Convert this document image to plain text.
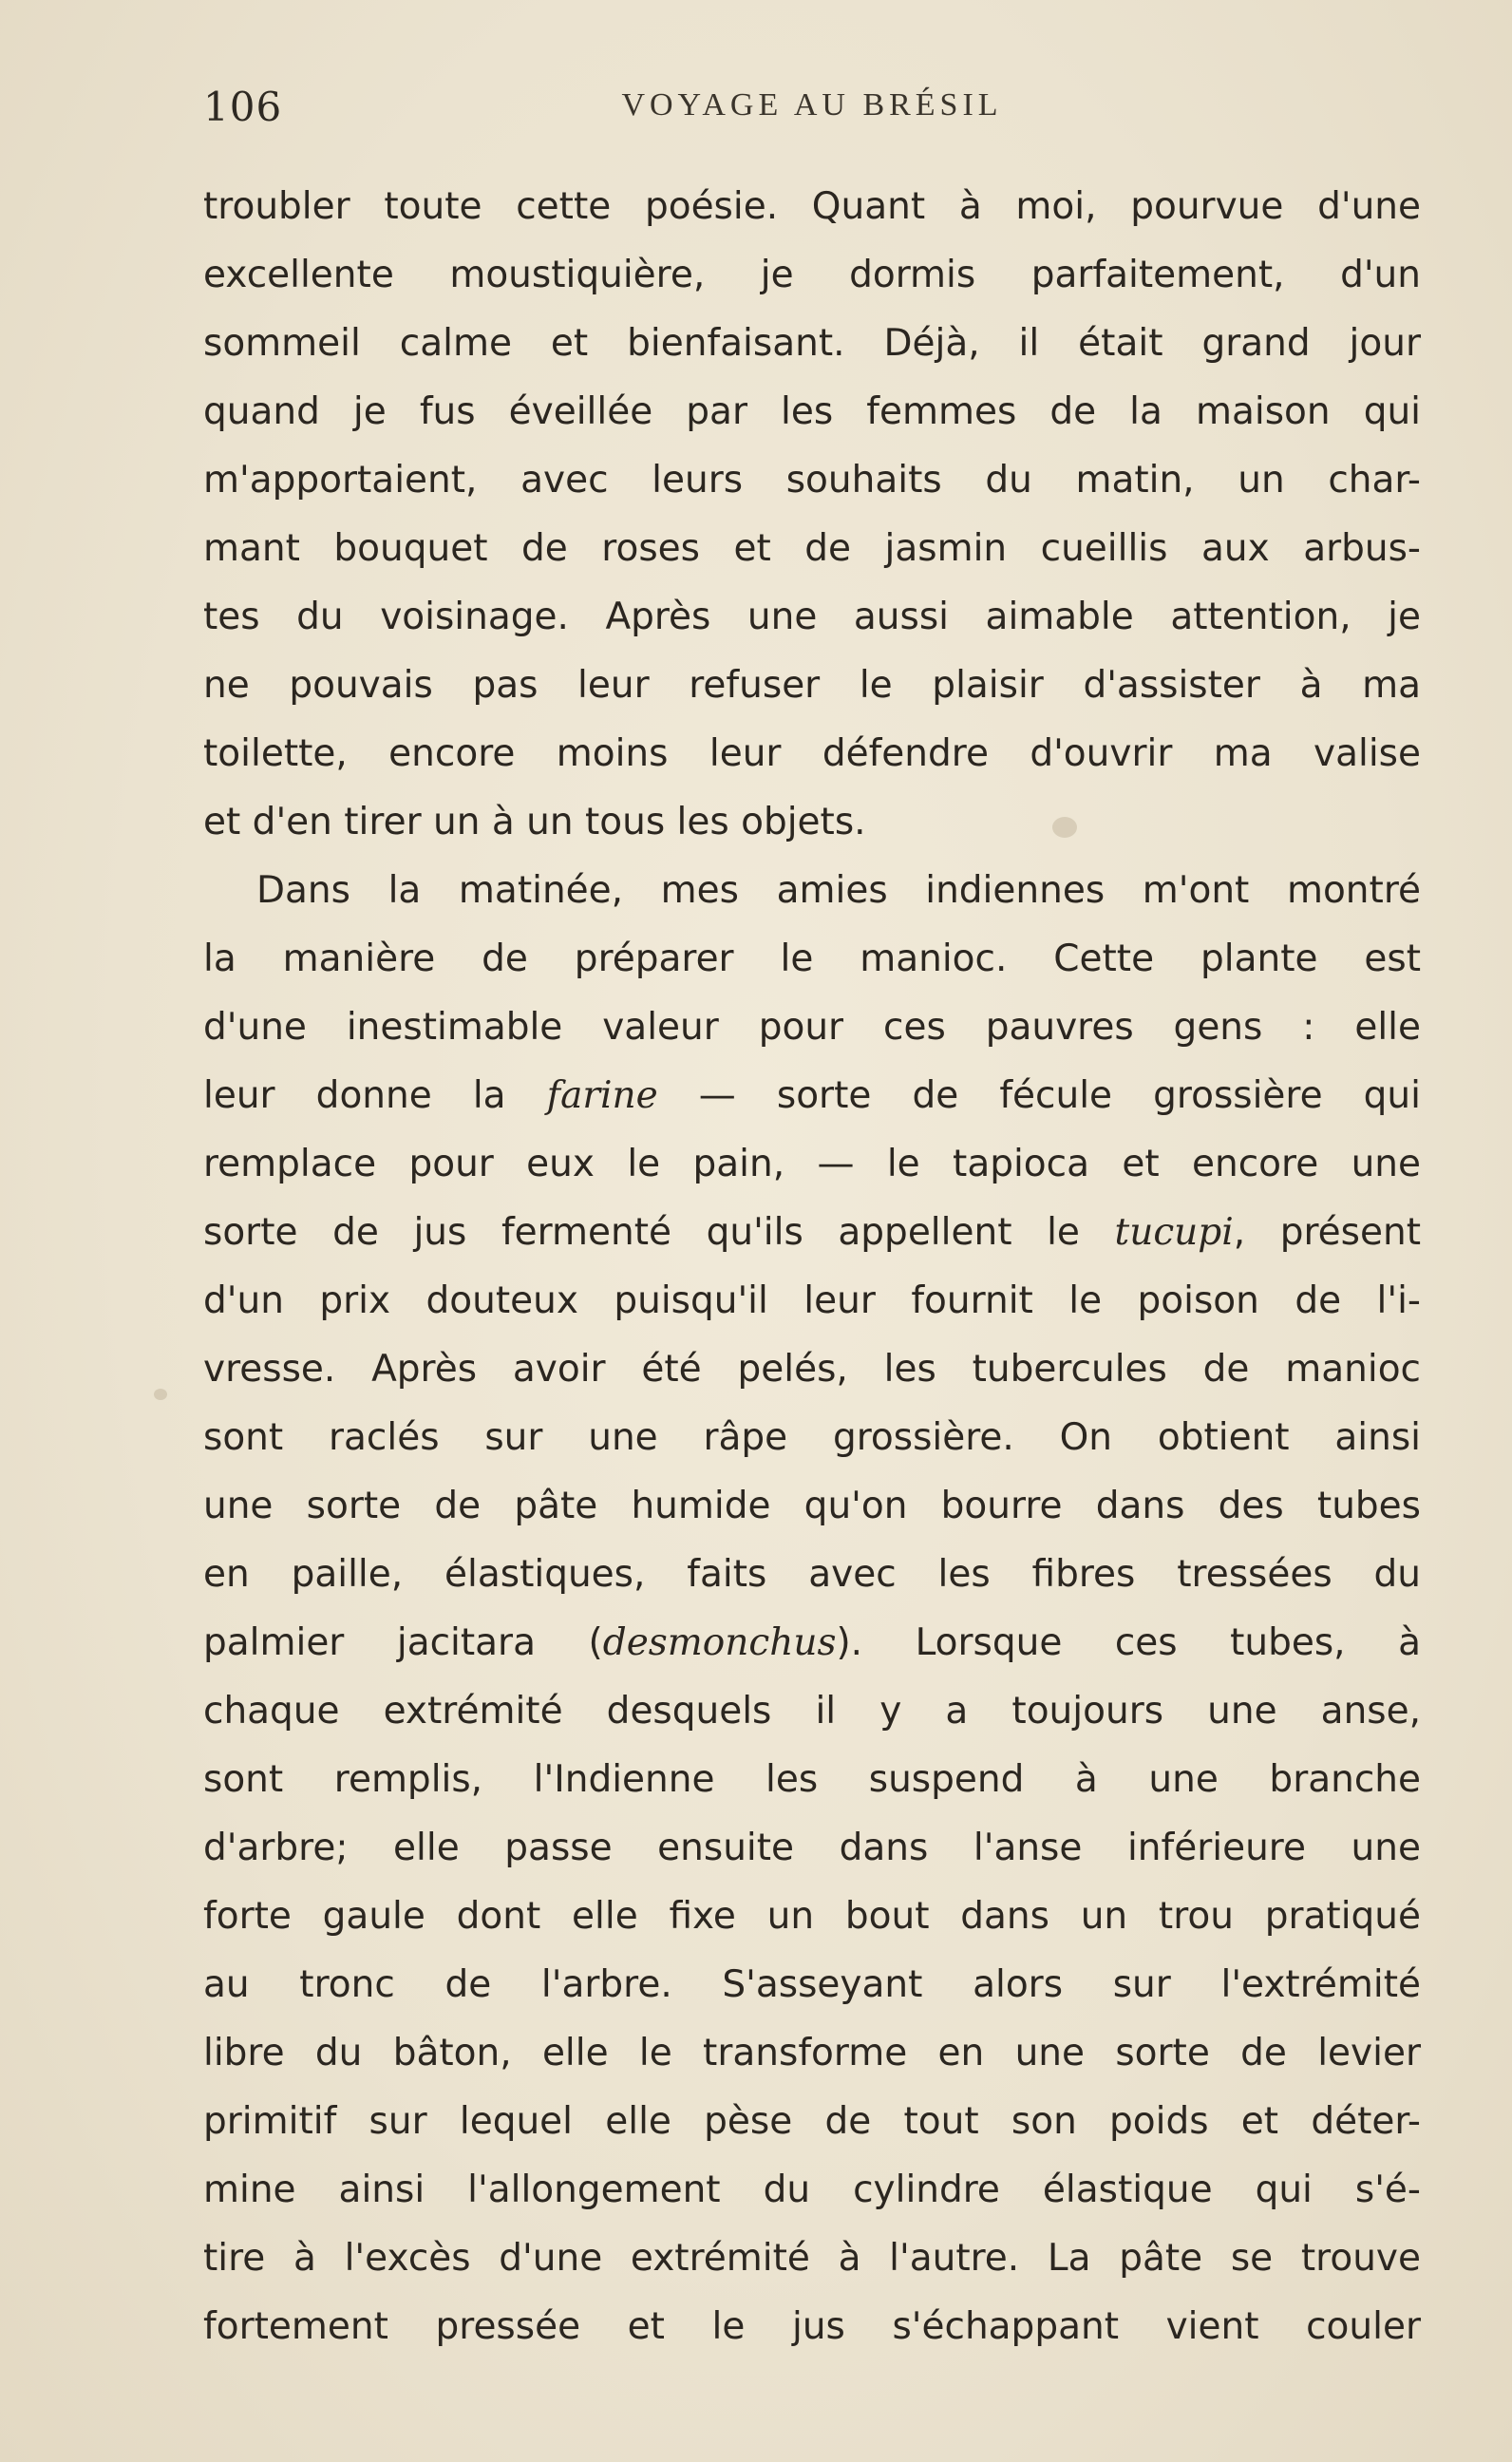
106	VOYAGE AU BRÉSIL
troubler toute cette poésie. Quant à moi, pourvue d'une
excellente moustiquière, je dormis parfaitement, d'un
sommeil calme et bienfaisant. Déjà, il était grand jour
quand je fus éveillée par les femmes de la maison qui
m'apportaient, avec leurs souhaits du matin, un char-
mant bouquet de roses et de jasmin cueillis aux arbus-
tes du voisinage. Après une aussi aimable attention, je
ne pouvais pas leur refuser le plaisir d'assister à ma
toilette, encore moins leur défendre d'ouvrir ma valise
et d'en tirer un à un tous les objets.
Dans la matinée, mes amies indiennes m'ont montré
la manière de préparer le manioc. Cette plante est
d'une inestimable valeur pour ces pauvres gens : elle
leur donne la farine — sorte de fécule grossière qui
remplace pour eux le pain, — le tapioca et encore une
sorte de jus fermenté qu'ils appellent le tucupi, présent
d'un prix douteux puisqu'il leur fournit le poison de l'i-
vresse. Après avoir été pelés, les tubercules de manioc
sont raclés sur une râpe grossière. On obtient ainsi
une sorte de pâte humide qu'on bourre dans des tubes
en paille, élastiques, faits avec les fibres tressées du
palmier jacitara (desmonchus). Lorsque ces tubes, à
chaque extrémité desquels il y a toujours une anse,
sont remplis, l'Indienne les suspend à une branche
d'arbre; elle passe ensuite dans l'anse inférieure une
forte gaule dont elle fixe un bout dans un trou pratiqué
au tronc de l'arbre. S'asseyant alors sur l'extrémité
libre du bâton, elle le transforme en une sorte de levier
primitif sur lequel elle pèse de tout son poids et déter-
mine ainsi l'allongement du cylindre élastique qui s'é-
tire à l'excès d'une extrémité à l'autre. La pâte se trouve
fortement pressée et le jus s'échappant vient couler
